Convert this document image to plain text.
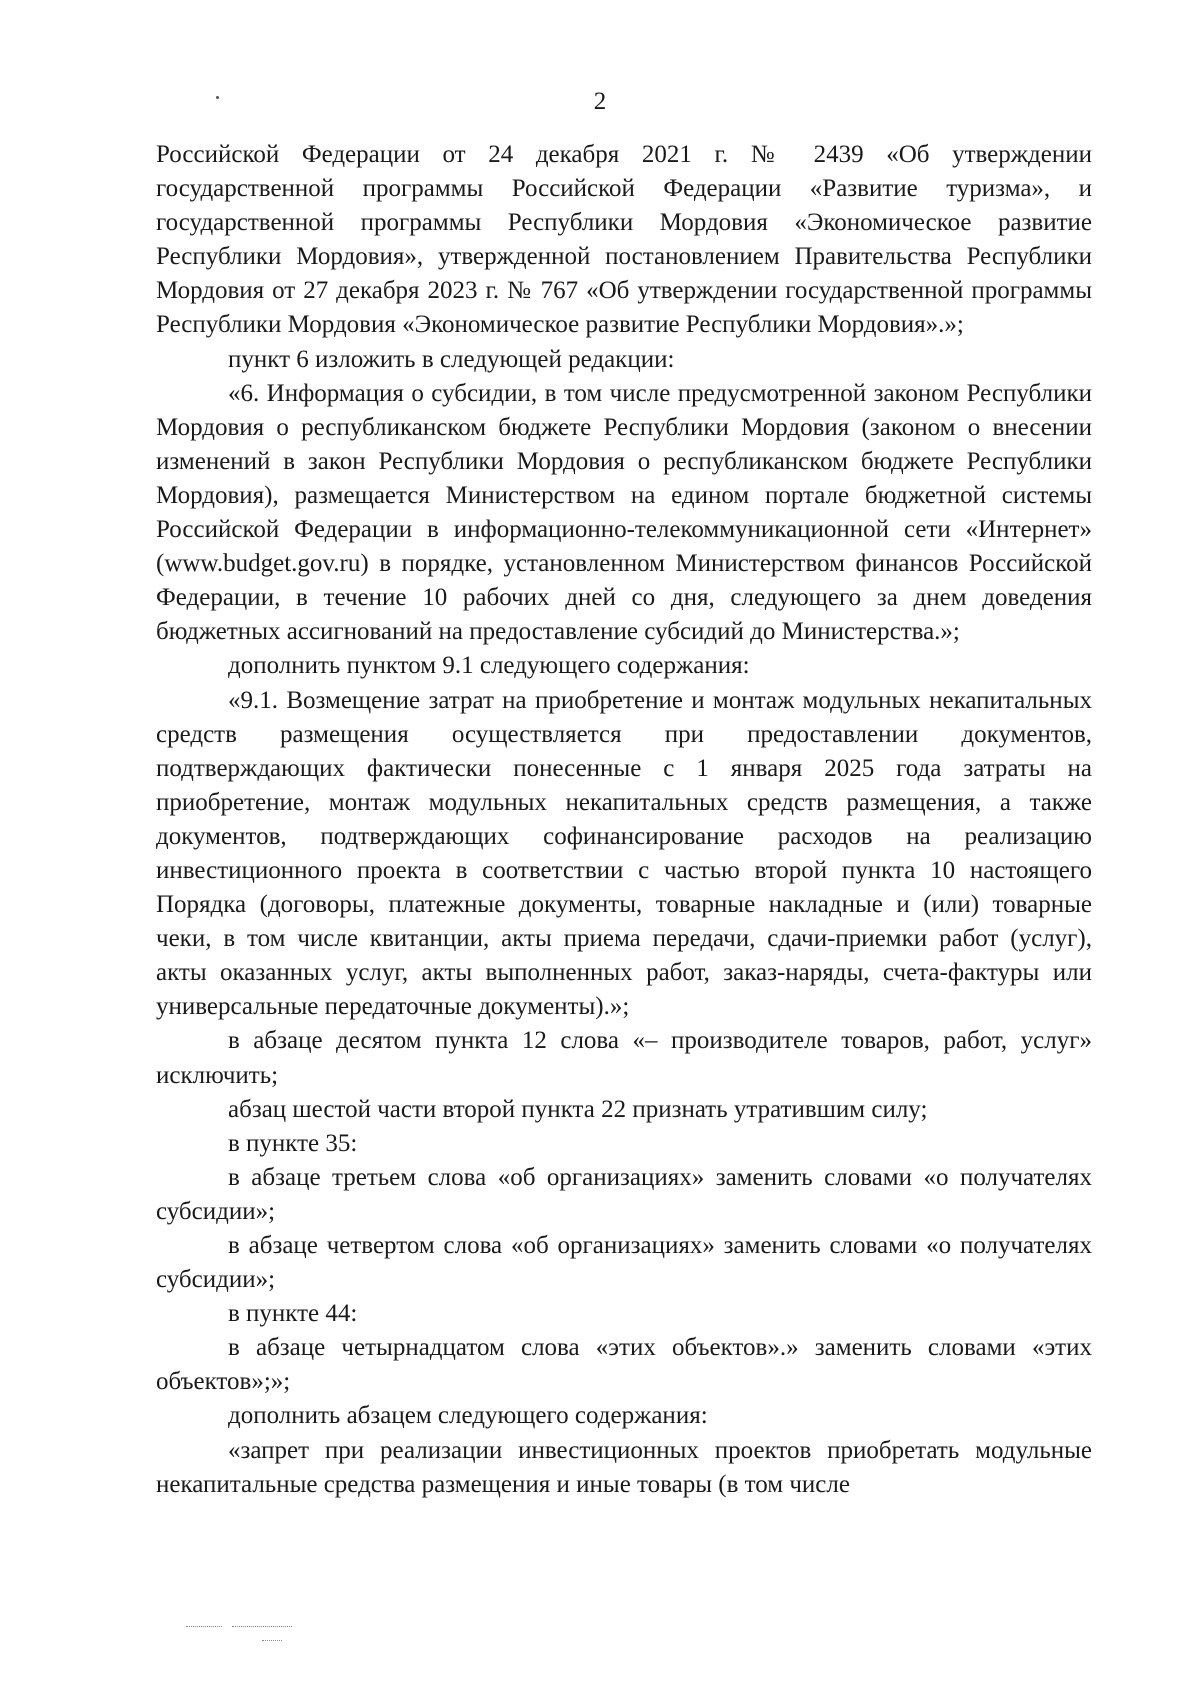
2

Российской Федерации от 24 декабря 2021 г. № 2439 «Об утверждении государственной программы Российской Федерации «Развитие туризма», и государственной программы Республики Мордовия «Экономическое развитие Республики Мордовия», утвержденной постановлением Правительства Республики Мордовия от 27 декабря 2023 г. № 767 «Об утверждении государственной программы Республики Мордовия «Экономическое развитие Республики Мордовия».»;

пункт 6 изложить в следующей редакции:

«6. Информация о субсидии, в том числе предусмотренной законом Республики Мордовия о республиканском бюджете Республики Мордовия (законом о внесении изменений в закон Республики Мордовия о республиканском бюджете Республики Мордовия), размещается Министерством на едином портале бюджетной системы Российской Федерации в информационно-телекоммуникационной сети «Интернет» (www.budget.gov.ru) в порядке, установленном Министерством финансов Российской Федерации, в течение 10 рабочих дней со дня, следующего за днем доведения бюджетных ассигнований на предоставление субсидий до Министерства.»;

дополнить пунктом 9.1 следующего содержания:

«9.1. Возмещение затрат на приобретение и монтаж модульных некапитальных средств размещения осуществляется при предоставлении документов, подтверждающих фактически понесенные с 1 января 2025 года затраты на приобретение, монтаж модульных некапитальных средств размещения, а также документов, подтверждающих софинансирование расходов на реализацию инвестиционного проекта в соответствии с частью второй пункта 10 настоящего Порядка (договоры, платежные документы, товарные накладные и (или) товарные чеки, в том числе квитанции, акты приема передачи, сдачи-приемки работ (услуг), акты оказанных услуг, акты выполненных работ, заказ-наряды, счета-фактуры или универсальные передаточные документы).»;

в абзаце десятом пункта 12 слова «– производителе товаров, работ, услуг» исключить;

абзац шестой части второй пункта 22 признать утратившим силу;

в пункте 35:

в абзаце третьем слова «об организациях» заменить словами «о получателях субсидии»;

в абзаце четвертом слова «об организациях» заменить словами «о получателях субсидии»;

в пункте 44:

в абзаце четырнадцатом слова «этих объектов».» заменить словами «этих объектов»;»;

дополнить абзацем следующего содержания:

«запрет при реализации инвестиционных проектов приобретать модульные некапитальные средства размещения и иные товары (в том числе
